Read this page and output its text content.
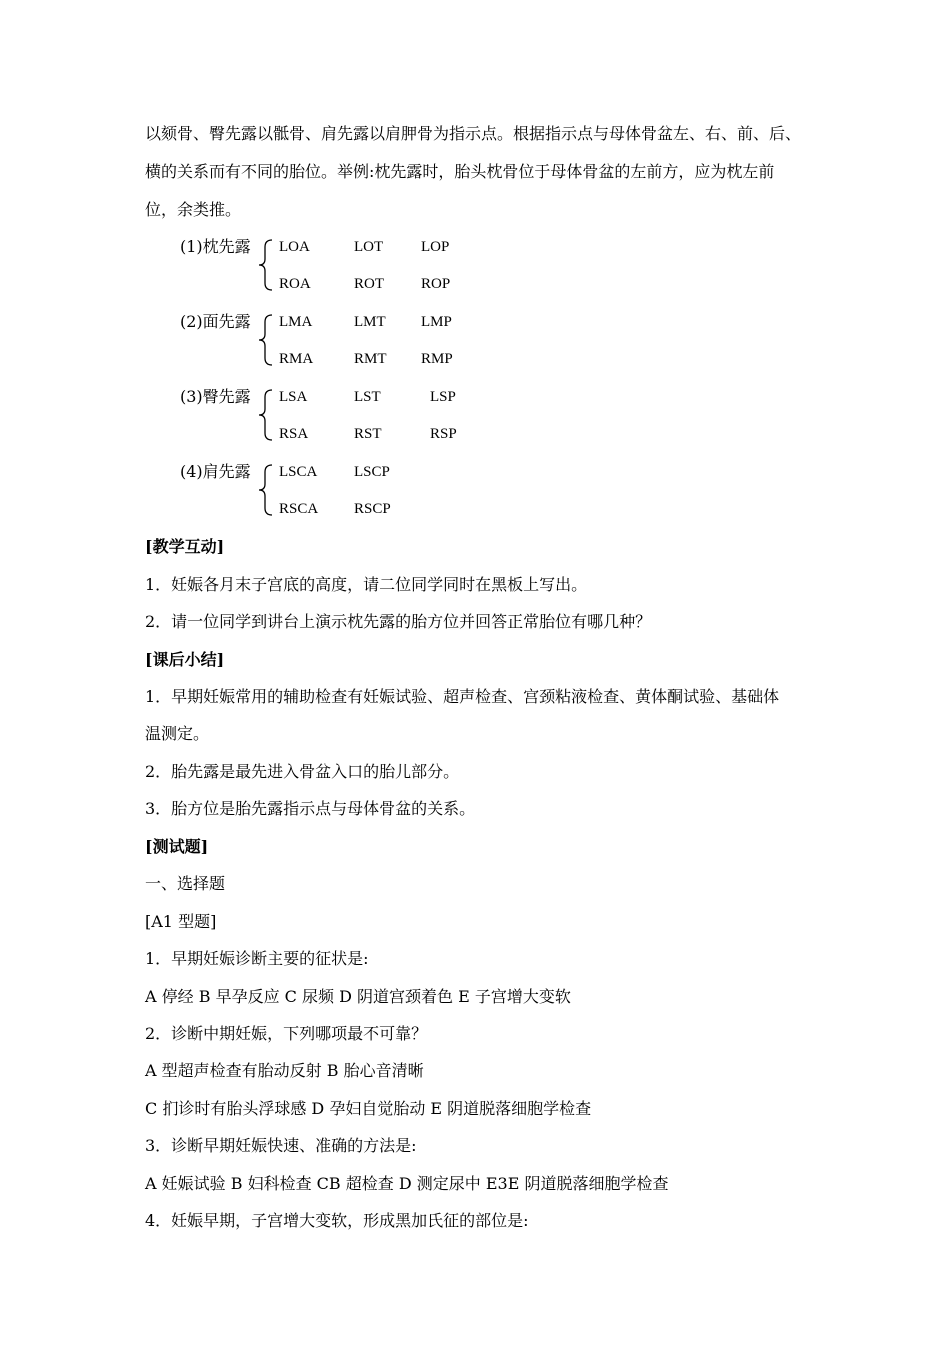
以颏骨、臀先露以骶骨、肩先露以肩胛骨为指示点。根据指示点与母体骨盆左、右、前、后、
横的关系而有不同的胎位。举例:枕先露时，胎头枕骨位于母体骨盆的左前方，应为枕左前
位，余类推。
(1)枕先露 LOA	LOT	LOP
ROA	ROT ROP
(2)面先露 LMA	LMT LMP
RMA	RMT RMP
(3)臀先露 LSA	LST	LSP
RSA	RST	RSP
(4)肩先露 LSCA LSCP
RSCA RSCP
[教学互动]
1．妊娠各月末子宫底的高度，请二位同学同时在黑板上写出。
2．请一位同学到讲台上演示枕先露的胎方位并回答正常胎位有哪几种？
[课后小结]
1．早期妊娠常用的辅助检查有妊娠试验、超声检查、宫颈粘液检查、黄体酮试验、基础体
温测定。
2．胎先露是最先进入骨盆入口的胎儿部分。
3．胎方位是胎先露指示点与母体骨盆的关系。
[测试题]
一、选择题
[A1 型题]
1．早期妊娠诊断主要的征状是:
A 停经 B 早孕反应 C 尿频 D 阴道宫颈着色 E 子宫增大变软
2．诊断中期妊娠，下列哪项最不可靠？
A 型超声检查有胎动反射 B 胎心音清晰
C 扪诊时有胎头浮球感 D 孕妇自觉胎动 E 阴道脱落细胞学检查
3．诊断早期妊娠快速、准确的方法是:
A 妊娠试验 B 妇科检查 CB 超检查 D 测定尿中 E3E 阴道脱落细胞学检查
4．妊娠早期，子宫增大变软，形成黑加氏征的部位是:
